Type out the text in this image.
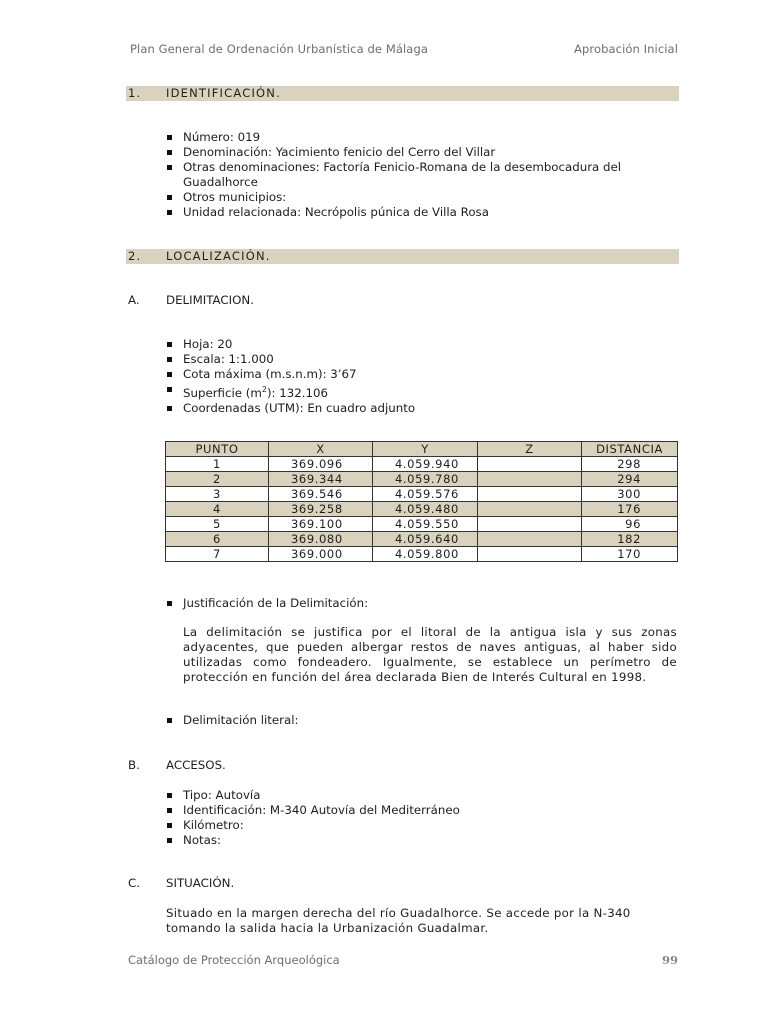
Plan General de Ordenación Urbanística de Málaga	Aprobación Inicial
1. IDENTIFICACIÓN.
Número: 019
Denominación: Yacimiento fenicio del Cerro del Villar
Otras denominaciones: Factoría Fenicio-Romana de la desembocadura del Guadalhorce
Otros municipios:
Unidad relacionada: Necrópolis púnica de Villa Rosa
2. LOCALIZACIÓN.
A. DELIMITACION.
Hoja: 20
Escala: 1:1.000
Cota máxima (m.s.n.m): 3’67
Superficie $(m^2)$: 132.106
Coordenadas (UTM): En cuadro adjunto
PUNTO	X	Y	Z	DISTANCIA
1	369.096	4.059.940		298
2	369.344	4.059.780		294
3	369.546	4.059.576		300
4	369.258	4.059.480		176
5	369.100	4.059.550		96
6	369.080	4.059.640		182
7	369.000	4.059.800		170
Justificación de la Delimitación:
La delimitación se justifica por el litoral de la antigua isla y sus zonas adyacentes, que pueden albergar restos de naves antiguas, al haber sido utilizadas como fondeadero. Igualmente, se establece un perímetro de protección en función del área declarada Bien de Interés Cultural en 1998.
Delimitación literal:
B. ACCESOS.
Tipo: Autovía
Identificación: M-340 Autovía del Mediterráneo
Kilómetro:
Notas:
C. SITUACIÓN.
Situado en la margen derecha del río Guadalhorce. Se accede por la N-340
tomando la salida hacia la Urbanización Guadalmar.
Catálogo de Protección Arqueológica	99
